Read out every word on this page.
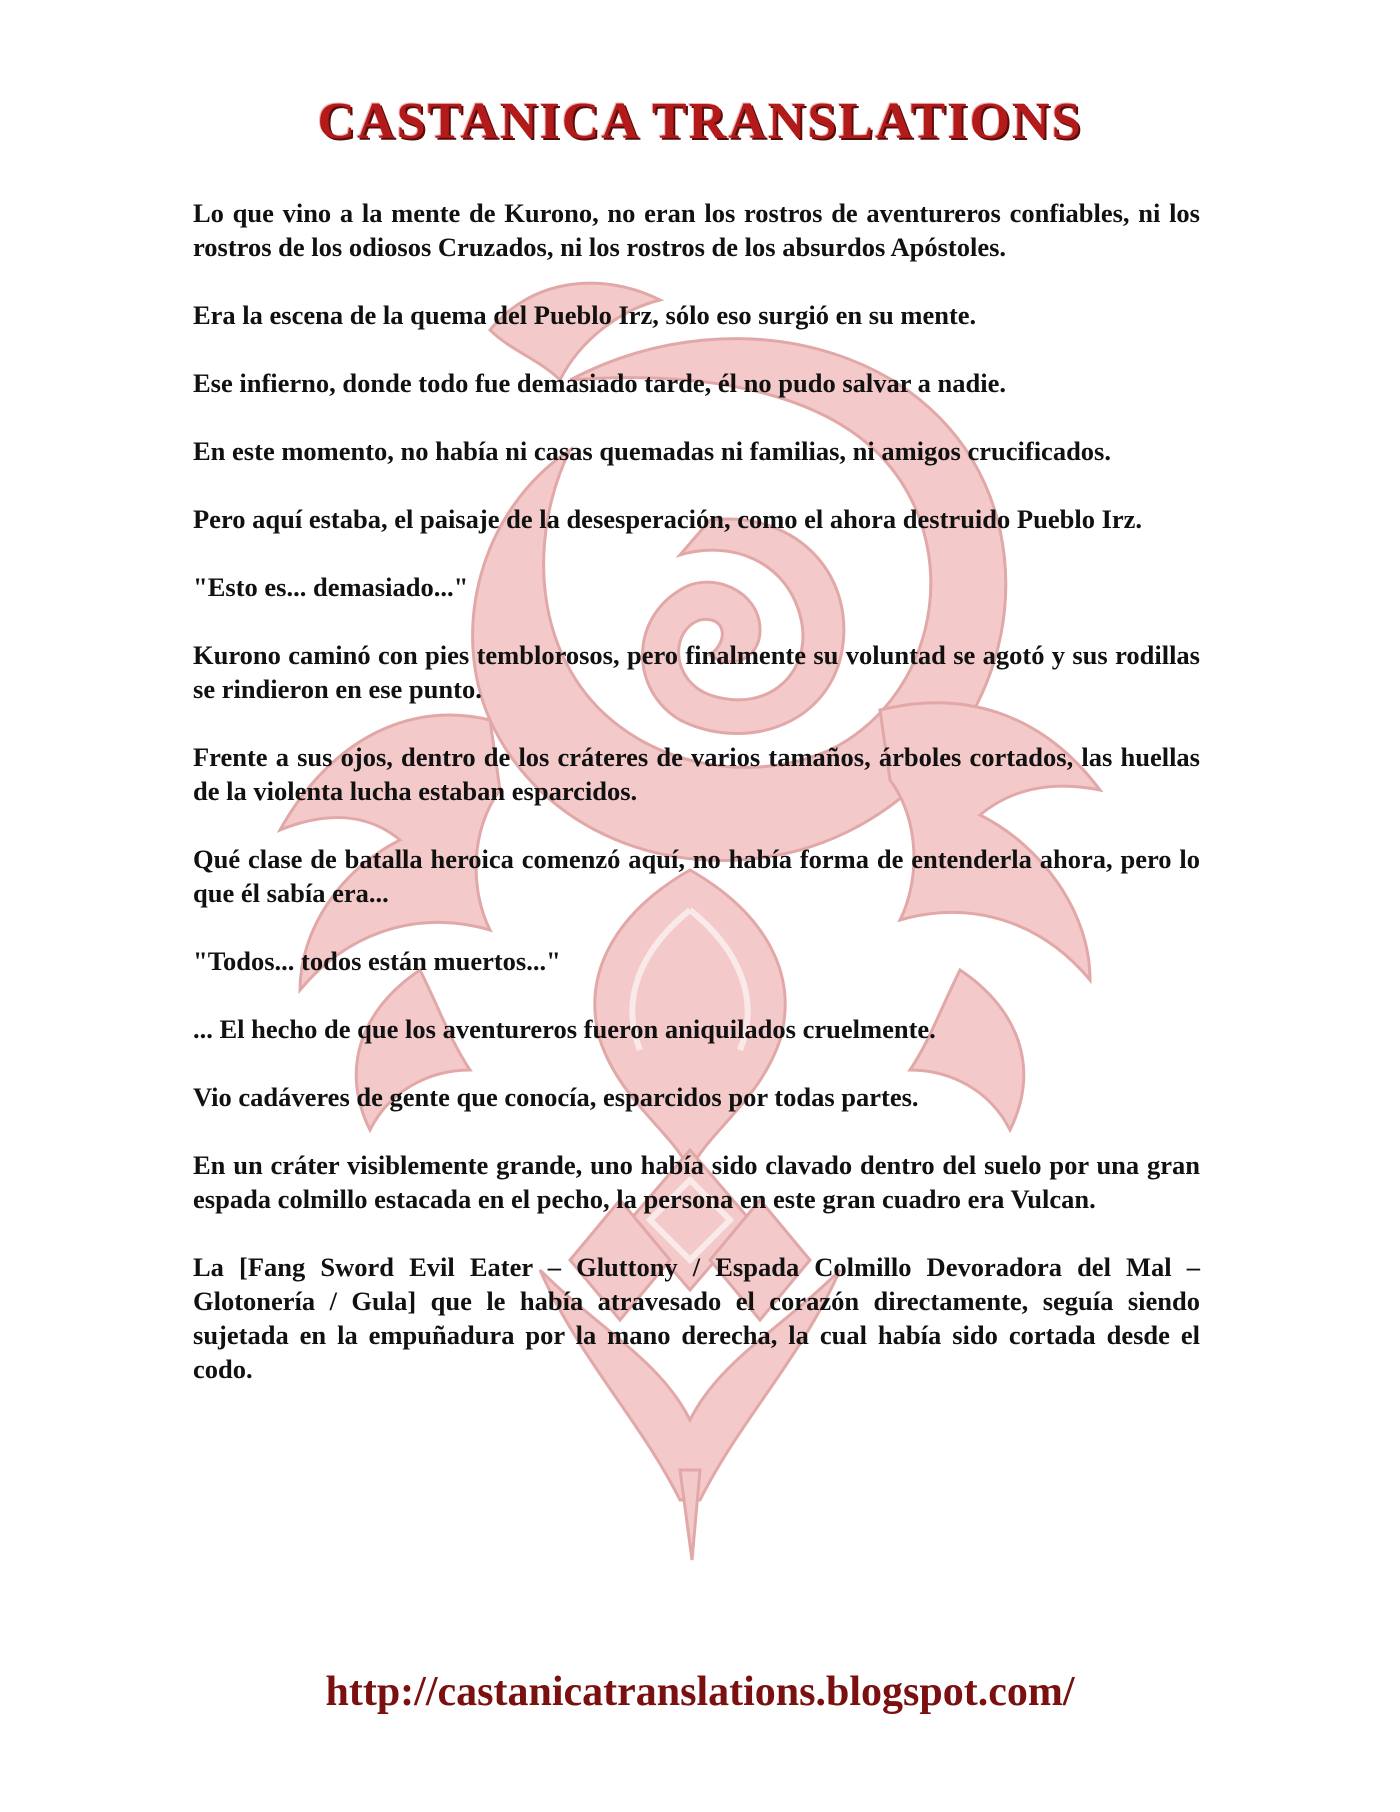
CASTANICA TRANSLATIONS

Lo que vino a la mente de Kurono, no eran los rostros de aventureros confiables, ni los rostros de los odiosos Cruzados, ni los rostros de los absurdos Apóstoles.

Era la escena de la quema del Pueblo Irz, sólo eso surgió en su mente.

Ese infierno, donde todo fue demasiado tarde, él no pudo salvar a nadie.

En este momento, no había ni casas quemadas ni familias, ni amigos crucificados.

Pero aquí estaba, el paisaje de la desesperación, como el ahora destruido Pueblo Irz.

"Esto es... demasiado..."

Kurono caminó con pies temblorosos, pero finalmente su voluntad se agotó y sus rodillas se rindieron en ese punto.

Frente a sus ojos, dentro de los cráteres de varios tamaños, árboles cortados, las huellas de la violenta lucha estaban esparcidos.

Qué clase de batalla heroica comenzó aquí, no había forma de entenderla ahora, pero lo que él sabía era...

"Todos... todos están muertos..."

... El hecho de que los aventureros fueron aniquilados cruelmente.

Vio cadáveres de gente que conocía, esparcidos por todas partes.

En un cráter visiblemente grande, uno había sido clavado dentro del suelo por una gran espada colmillo estacada en el pecho, la persona en este gran cuadro era Vulcan.

La [Fang Sword Evil Eater – Gluttony / Espada Colmillo Devoradora del Mal – Glotonería / Gula] que le había atravesado el corazón directamente, seguía siendo sujetada en la empuñadura por la mano derecha, la cual había sido cortada desde el codo.

http://castanicatranslations.blogspot.com/
